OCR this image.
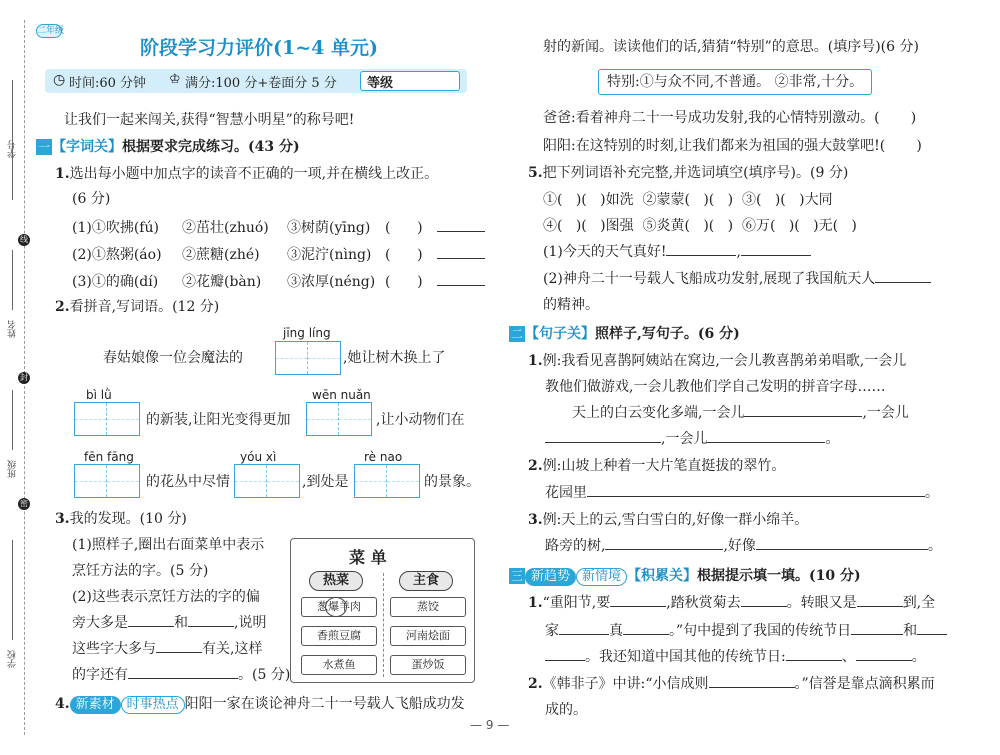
学号
线
姓名
封
班级
密
学校
二年级
阶段学习力评价(1~4 单元)
◷ 时间:60 分钟 ♔ 满分:100 分+卷面分 5 分 等级
让我们一起来闯关,获得“智慧小明星”的称号吧!
一 【字词关】根据要求完成练习。(43 分)
1.选出每小题中加点字的读音不正确的一项,并在横线上改正。
(6 分)
(1)①吹拂(fú) ②茁壮(zhuó) ③树荫(yīng) ( )
(2)①熬粥(áo) ②蔗糖(zhé) ③泥泞(nìng) ( )
(3)①的确(dí) ②花瓣(bàn) ③浓厚(néng) ( )
2.看拼音,写词语。(12 分)
jīng líng
春姑娘像一位会魔法的	,她让树木换上了
bì lǜ
的新装,让阳光变得更加
wēn nuǎn
,让小动物们在
fēn fāng
的花丛中尽情
yóu xì
,到处是
rè nao
的景象。
3.我的发现。(10 分)
(1)照样子,圈出右面菜单中表示
烹饪方法的字。(5 分)
(2)这些表示烹饪方法的字的偏
旁大多是	和	,说明
这些字大多与	有关,这样
的字还有	。(5 分)
菜 单
热菜	主食
葱爆羊肉
香煎豆腐
水煮鱼
蒸饺
河南烩面
蛋炒饭
4. 新素材 时事热点 阳阳一家在谈论神舟二十一号载人飞船成功发
射的新闻。读读他们的话,猜猜“特别”的意思。(填序号)(6 分)
特别:①与众不同,不普通。 ②非常,十分。
爸爸:看着神舟二十一号成功发射,我的心情特别激动。( )
阳阳:在这特别的时刻,让我们都来为祖国的强大鼓掌吧!( )
5.把下列词语补充完整,并选词填空(填序号)。(9 分)
①( )( )如洗 ②蒙蒙( )( ) ③( )( )大同
④( )( )图强 ⑤炎黄( )( ) ⑥万( )( )无(   )
(1)今天的天气真好!	,
(2)神舟二十一号载人飞船成功发射,展现了我国航天人
的精神。
二 【句子关】照样子,写句子。(6 分)
1.例:我看见喜鹊阿姨站在窝边,一会儿教喜鹊弟弟唱歌,一会儿
教他们做游戏,一会儿教他们学自己发明的拼音字母……
天上的白云变化多端,一会儿	,一会儿
,一会儿	。
2.例:山坡上种着一大片笔直挺拔的翠竹。
花园里	。
3.例:天上的云,雪白雪白的,好像一群小绵羊。
路旁的树,	,好像	。
三 新趋势 新情境 【积累关】根据提示填一填。(10 分)
1.“重阳节,要	,踏秋赏菊去	。转眼又是	到,全
家	真	。”句中提到了我国的传统节日	和
。我还知道中国其他的传统节日:	、	。
2.《韩非子》中讲:“小信成则	。”信誉是靠点滴积累而
成的。
— 9 —
